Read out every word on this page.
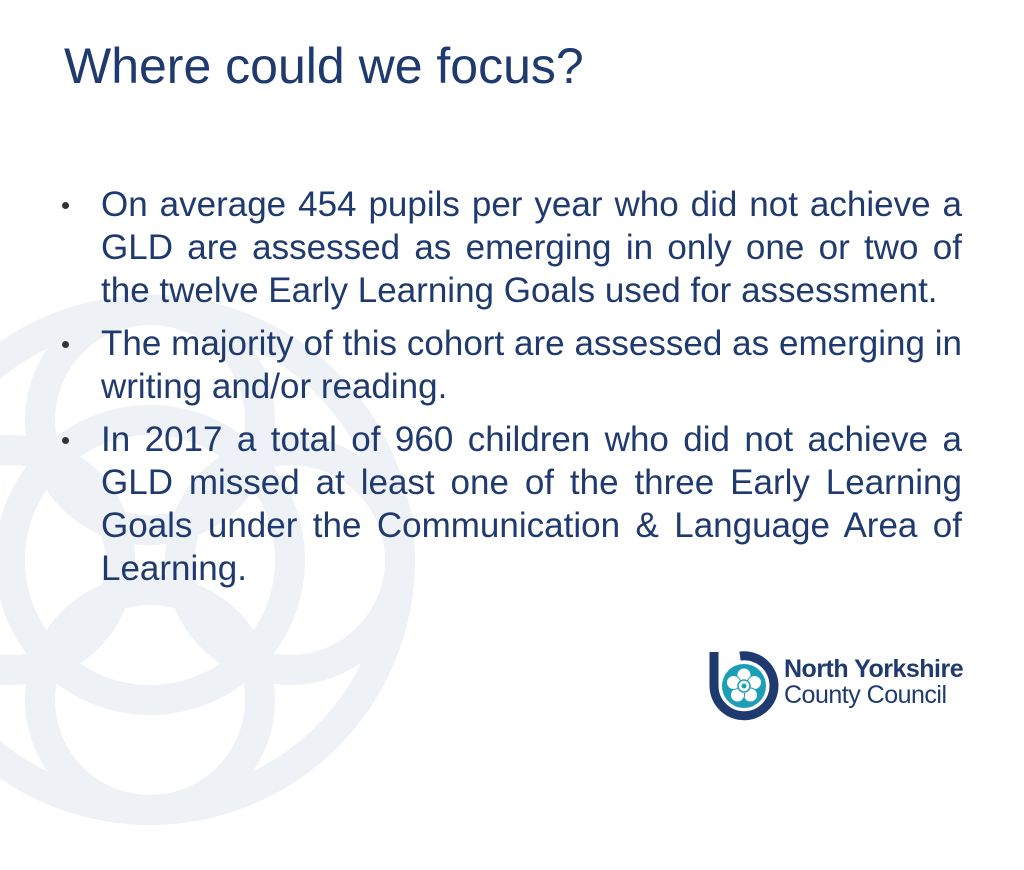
Where could we focus?
On average 454 pupils per year who did not achieve a GLD are assessed as emerging in only one or two of the twelve Early Learning Goals used for assessment.
The majority of this cohort are assessed as emerging in writing and/or reading.
In 2017 a total of 960 children who did not achieve a GLD missed at least one of the three Early Learning Goals under the Communication & Language Area of Learning.
North Yorkshire
County Council
